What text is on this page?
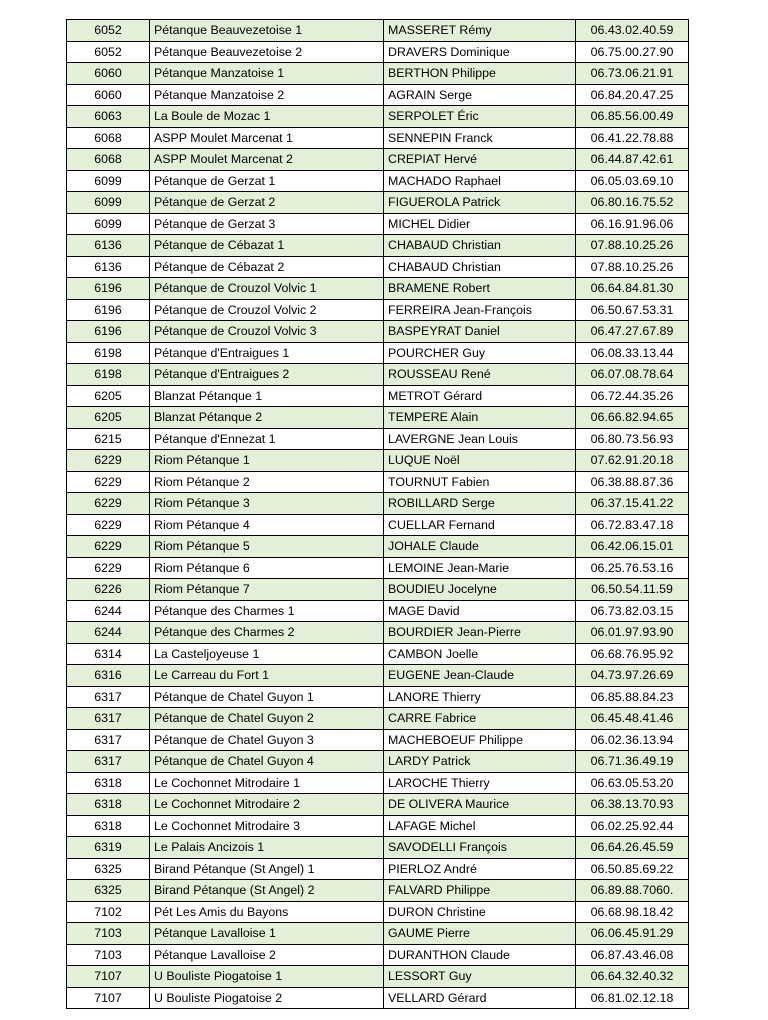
6052	Pétanque Beauvezetoise 1	MASSERET Rémy	06.43.02.40.59
6052	Pétanque Beauvezetoise 2	DRAVERS Dominique	06.75.00.27.90
6060	Pétanque Manzatoise 1	BERTHON Philippe	06.73.06.21.91
6060	Pétanque Manzatoise 2	AGRAIN Serge	06.84.20.47.25
6063	La Boule de Mozac 1	SERPOLET Éric	06.85.56.00.49
6068	ASPP Moulet Marcenat 1	SENNEPIN Franck	06.41.22.78.88
6068	ASPP Moulet Marcenat 2	CREPIAT Hervé	06.44.87.42.61
6099	Pétanque de Gerzat 1	MACHADO Raphael	06.05.03.69.10
6099	Pétanque de Gerzat 2	FIGUEROLA Patrick	06.80.16.75.52
6099	Pétanque de Gerzat 3	MICHEL Didier	06.16.91.96.06
6136	Pétanque de Cébazat 1	CHABAUD Christian	07.88.10.25.26
6136	Pétanque de Cébazat 2	CHABAUD Christian	07.88.10.25.26
6196	Pétanque de Crouzol Volvic 1	BRAMENE Robert	06.64.84.81.30
6196	Pétanque de Crouzol Volvic 2	FERREIRA Jean-François	06.50.67.53.31
6196	Pétanque de Crouzol Volvic 3	BASPEYRAT Daniel	06.47.27.67.89
6198	Pétanque d'Entraigues 1	POURCHER Guy	06.08.33.13.44
6198	Pétanque d'Entraigues 2	ROUSSEAU René	06.07.08.78.64
6205	Blanzat Pétanque 1	METROT Gérard	06.72.44.35.26
6205	Blanzat Pétanque 2	TEMPERE Alain	06.66.82.94.65
6215	Pétanque d'Ennezat 1	LAVERGNE Jean Louis	06.80.73.56.93
6229	Riom Pétanque 1	LUQUE Noël	07.62.91.20.18
6229	Riom Pétanque 2	TOURNUT Fabien	06.38.88.87.36
6229	Riom Pétanque 3	ROBILLARD Serge	06.37.15.41.22
6229	Riom Pétanque 4	CUELLAR Fernand	06.72.83.47.18
6229	Riom Pétanque 5	JOHALE Claude	06.42.06.15.01
6229	Riom Pétanque 6	LEMOINE Jean-Marie	06.25.76.53.16
6226	Riom Pétanque 7	BOUDIEU Jocelyne	06.50.54.11.59
6244	Pétanque des Charmes 1	MAGE David	06.73.82.03.15
6244	Pétanque des Charmes 2	BOURDIER Jean-Pierre	06.01.97.93.90
6314	La Casteljoyeuse 1	CAMBON Joelle	06.68.76.95.92
6316	Le Carreau du Fort 1	EUGENE Jean-Claude	04.73.97.26.69
6317	Pétanque de Chatel Guyon 1	LANORE Thierry	06.85.88.84.23
6317	Pétanque de Chatel Guyon 2	CARRE Fabrice	06.45.48.41.46
6317	Pétanque de Chatel Guyon 3	MACHEBOEUF Philippe	06.02.36.13.94
6317	Pétanque de Chatel Guyon 4	LARDY Patrick	06.71.36.49.19
6318	Le Cochonnet Mitrodaire 1	LAROCHE Thierry	06.63.05.53.20
6318	Le Cochonnet Mitrodaire 2	DE OLIVERA Maurice	06.38.13.70.93
6318	Le Cochonnet Mitrodaire 3	LAFAGE Michel	06.02.25.92.44
6319	Le Palais Ancizois 1	SAVODELLI François	06.64.26.45.59
6325	Birand Pétanque (St Angel) 1	PIERLOZ André	06.50.85.69.22
6325	Birand Pétanque (St Angel) 2	FALVARD Philippe	06.89.88.7060.
7102	Pét Les Amis du Bayons	DURON Christine	06.68.98.18.42
7103	Pétanque Lavalloise 1	GAUME Pierre	06.06.45.91.29
7103	Pétanque Lavalloise 2	DURANTHON Claude	06.87.43.46.08
7107	U Bouliste Piogatoise 1	LESSORT Guy	06.64.32.40.32
7107	U Bouliste Piogatoise 2	VELLARD Gérard	06.81.02.12.18
